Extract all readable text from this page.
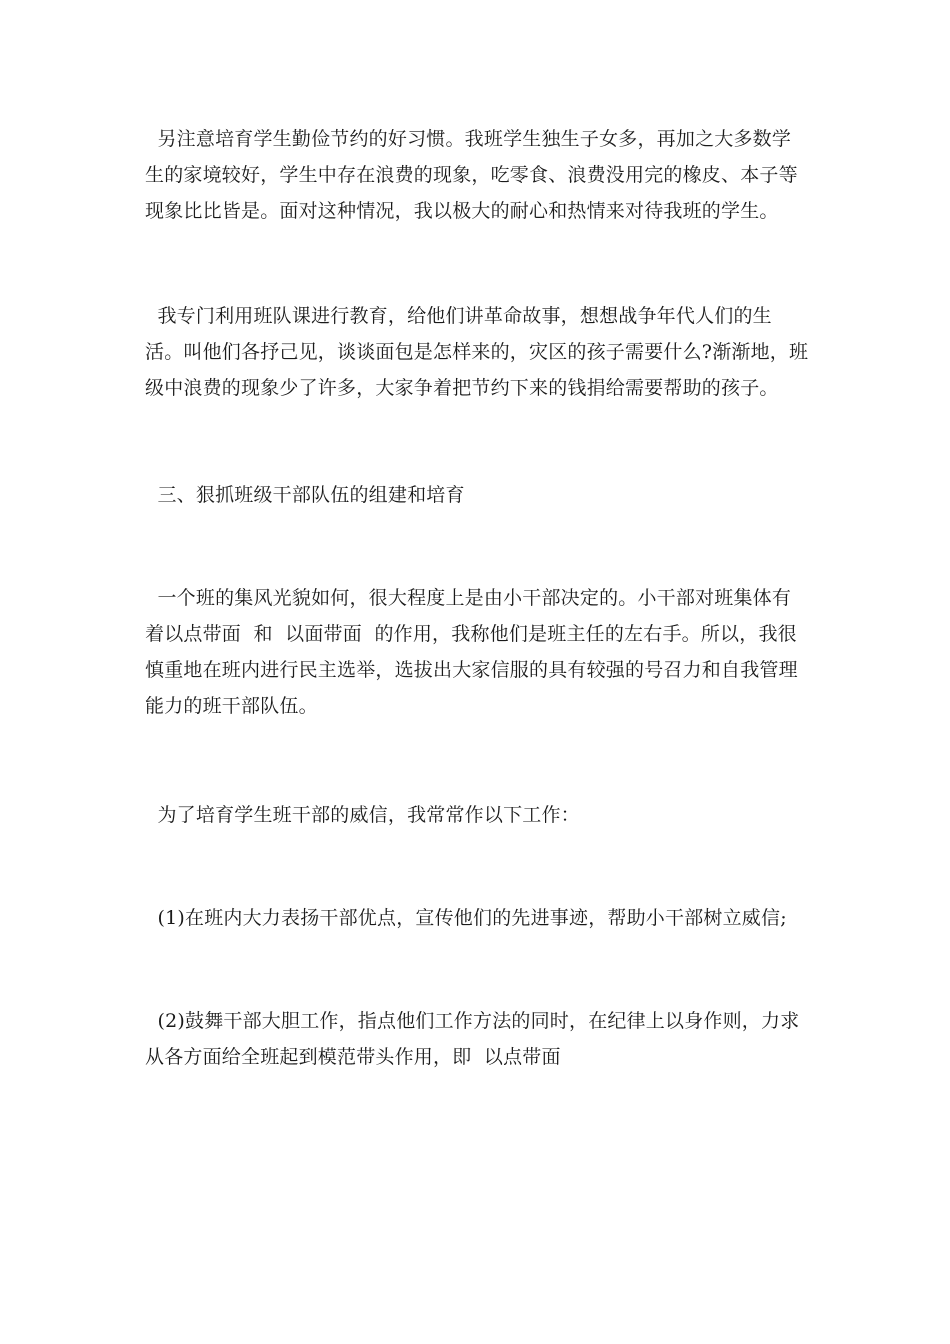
另注意培育学生勤俭节约的好习惯。我班学生独生子女多，再加之大多数学生的家境较好，学生中存在浪费的现象，吃零食、浪费没用完的橡皮、本子等现象比比皆是。面对这种情况，我以极大的耐心和热情来对待我班的学生。

我专门利用班队课进行教育，给他们讲革命故事，想想战争年代人们的生活。叫他们各抒己见，谈谈面包是怎样来的，灾区的孩子需要什么?渐渐地，班级中浪费的现象少了许多，大家争着把节约下来的钱捐给需要帮助的孩子。

三、狠抓班级干部队伍的组建和培育

一个班的集风光貌如何，很大程度上是由小干部决定的。小干部对班集体有着以点带面  和  以面带面  的作用，我称他们是班主任的左右手。所以，我很慎重地在班内进行民主选举，选拔出大家信服的具有较强的号召力和自我管理能力的班干部队伍。

为了培育学生班干部的威信，我常常作以下工作：

(1)在班内大力表扬干部优点，宣传他们的先进事迹，帮助小干部树立威信;

(2)鼓舞干部大胆工作，指点他们工作方法的同时，在纪律上以身作则，力求从各方面给全班起到模范带头作用，即  以点带面
